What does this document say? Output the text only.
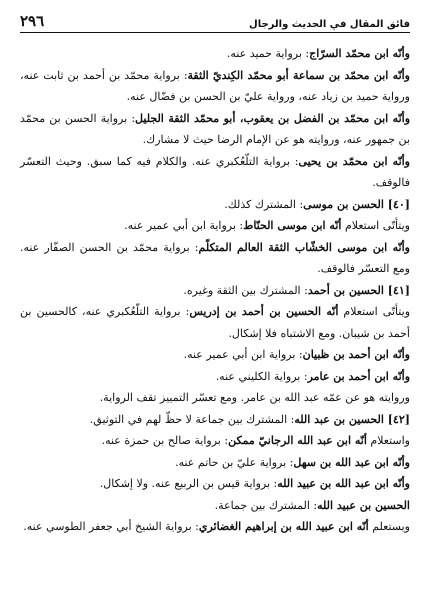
فائق المقال في الحديث والرجال
٢٩٦

وأنّه ابن محمّد السرّاج: برواية حميد عنه.

وأنّه ابن محمّد بن سماعة أبو محمّد الكِنديّ الثقة: برواية محمّد بن أحمد بن ثابت عنه، ورواية حميد بن زياد عنه، ورواية عليّ بن الحسن بن فضّال عنه.

وأنّه ابن محمّد بن الفضل بن يعقوب، أبو محمّد الثقة الجليل: برواية الحسن بن محمّد بن جمهور عنه، وروايته هو عن الإمام الرضا حيث لا مشارك.

وأنّه ابن محمّد بن يحيى: برواية التلّعُكبري عنه. والكلام فيه كما سبق. وحيث التعسّر فالوقف.

[٤٠] الحسن بن موسى: المشترك كذلك.

ويتأتّى استعلام أنّه ابن موسى الحنّاط: برواية ابن أبي عمير عنه.

وأنّه ابن موسى الخشّاب الثقة العالم المتكلّم: برواية محمّد بن الحسن الصفّار عنه. ومع التعسّر فالوقف.

[٤١] الحسين بن أحمد: المشترك بين الثقة وغيره.

ويتأتّى استعلام أنّه الحسين بن أحمد بن إدريس: برواية التلّعُكبري عنه، كالحسين بن أحمد بن شيبان. ومع الاشتباه فلا إشكال.

وأنّه ابن أحمد بن ظبيان: برواية ابن أبي عمير عنه.

وأنّه ابن أحمد بن عامر: برواية الكليني عنه.

وروايته هو عن عمّه عبد الله بن عامر. ومع تعسّر التمييز تقف الرواية.

[٤٢] الحسين بن عبد الله: المشترك بين جماعة لا حظّ لهم في التوثيق.

واستعلام أنّه ابن عبد الله الرجانيّ ممكن: برواية صالح بن حمزة عنه.

وأنّه ابن عبد الله بن سهل: برواية عليّ بن حاتم عنه.

وأنّه ابن عبد الله بن عبيد الله: برواية قيس بن الربيع عنه. ولا إشكال.

الحسين بن عبيد الله: المشترك بين جماعة.

ويستعلم أنّه ابن عبيد الله بن إبراهيم الغضائري: برواية الشيخ أبي جعفر الطوسي عنه.
